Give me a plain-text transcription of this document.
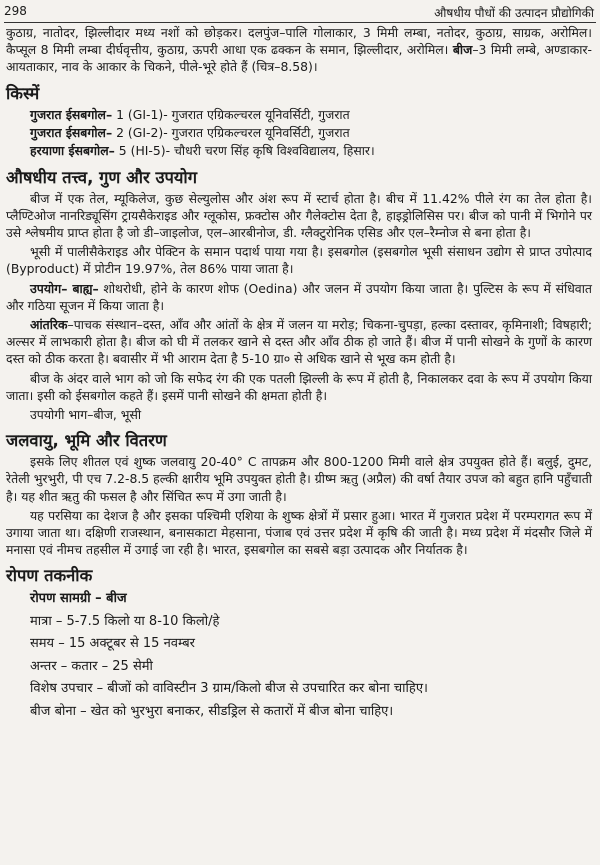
298	औषधीय पौधों की उत्पादन प्रौद्योगिकी

कुठाग्र, नातोदर, झिल्लीदार मध्य नशों को छोड़कर। दलपुंज–पालि गोलाकार, 3 मिमी लम्बा, नतोदर, कुठाग्र, साग्रक, अरोमिल। कैप्सूल 8 मिमी लम्बा दीर्घवृत्तीय, कुठाग्र, ऊपरी आधा एक ढक्कन के समान, झिल्लीदार, अरोमिल। बीज–3 मिमी लम्बे, अण्डाकार-आयताकार, नाव के आकार के चिकने, पीले-भूरे होते हैं (चित्र–8.58)।

किस्में
गुजरात ईसबगोल– 1 (GI-1)- गुजरात एग्रिकल्चरल यूनिवर्सिटी, गुजरात
गुजरात ईसबगोल– 2 (GI-2)- गुजरात एग्रिकल्चरल यूनिवर्सिटी, गुजरात
हरयाणा ईसबगोल– 5 (HI-5)- चौधरी चरण सिंह कृषि विश्वविद्यालय, हिसार।
औषधीय तत्त्व, गुण और उपयोग

बीज में एक तेल, म्यूकिलेज, कुछ सेल्युलोस और अंश रूप में स्टार्च होता है। बीच में 11.42% पीले रंग का तेल होता है। प्लैण्टिओज नानरिड्यूसिंग ट्रायसैकेराइड और ग्लूकोस, फ्रक्टोस और गैलेक्टोस देता है, हाइड्रोलिसिस पर। बीज को पानी में भिगोने पर उसे श्लेषमीय प्राप्त होता है जो डी–जाइलोज, एल–आरबीनोज, डी. ग्लैक्टुरोनिक एसिड और एल–रैम्नोज से बना होता है।

भूसी में पालीसैकेराइड और पेक्टिन के समान पदार्थ पाया गया है। इसबगोल (इसबगोल भूसी संसाधन उद्योग से प्राप्त उपोत्पाद (Byproduct) में प्रोटीन 19.97%, तेल 86% पाया जाता है।

उपयोग– बाह्य– शोथरोधी, होने के कारण शोफ (Oedina) और जलन में उपयोग किया जाता है। पुल्टिस के रूप में संधिवात और गठिया सूजन में किया जाता है।

आंतरिक–पाचक संस्थान–दस्त, आँव और आंतों के क्षेत्र में जलन या मरोड़; चिकना-चुपड़ा, हल्का दस्तावर, कृमिनाशी; विषहारी; अल्सर में लाभकारी होता है। बीज को घी में तलकर खाने से दस्त और आँव ठीक हो जाते हैं। बीज में पानी सोखने के गुणों के कारण दस्त को ठीक करता है। बवासीर में भी आराम देता है 5-10 ग्रा० से अधिक खाने से भूख कम होती है।

बीज के अंदर वाले भाग को जो कि सफेद रंग की एक पतली झिल्ली के रूप में होती है, निकालकर दवा के रूप में उपयोग किया जाता। इसी को ईसबगोल कहते हैं। इसमें पानी सोखने की क्षमता होती है।

उपयोगी भाग–बीज, भूसी

जलवायु, भूमि और वितरण

इसके लिए शीतल एवं शुष्क जलवायु 20-40° C तापक्रम और 800-1200 मिमी वाले क्षेत्र उपयुक्त होते हैं। बलुई, दुमट, रेतेली भुरभुरी, पी एच 7.2-8.5 हल्की क्षारीय भूमि उपयुक्त होती है। ग्रीष्म ऋतु (अप्रैल) की वर्षा तैयार उपज को बहुत हानि पहुँचाती है। यह शीत ऋतु की फसल है और सिंचित रूप में उगा जाती है।

यह परसिया का देशज है और इसका पश्चिमी एशिया के शुष्क क्षेत्रों में प्रसार हुआ। भारत में गुजरात प्रदेश में परम्परागत रूप में उगाया जाता था। दक्षिणी राजस्थान, बनासकाटा मेहसाना, पंजाब एवं उत्तर प्रदेश में कृषि की जाती है। मध्य प्रदेश में मंदसौर जिले में मनासा एवं नीमच तहसील में उगाई जा रही है। भारत, इसबगोल का सबसे बड़ा उत्पादक और निर्यातक है।

रोपण तकनीक
रोपण सामग्री – बीज
मात्रा – 5-7.5 किलो या 8-10 किलो/हे
समय – 15 अक्टूबर से 15 नवम्बर
अन्तर – कतार – 25 सेमी
विशेष उपचार – बीजों को वाविस्टीन 3 ग्राम/किलो बीज से उपचारित कर बोना चाहिए।
बीज बोना – खेत को भुरभुरा बनाकर, सीडड्रिल से कतारों में बीज बोना चाहिए।
